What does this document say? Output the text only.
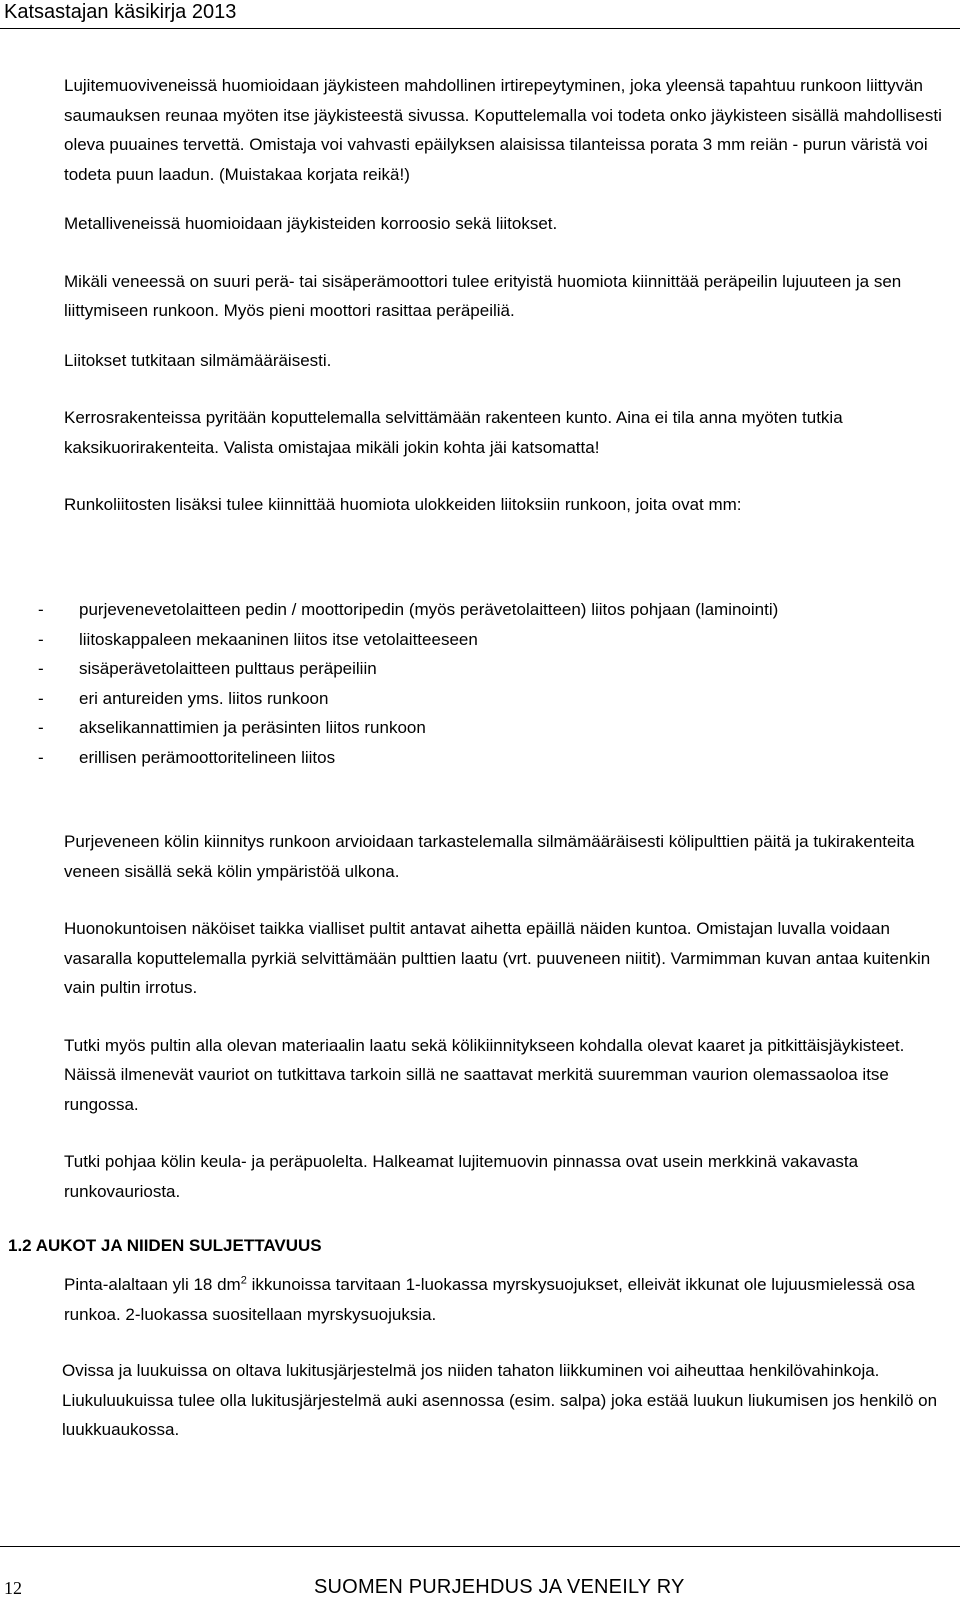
Katsastajan käsikirja 2013

Lujitemuoviveneissä huomioidaan jäykisteen mahdollinen irtirepeytyminen, joka yleensä tapahtuu runkoon liittyvän saumauksen reunaa myöten itse jäykisteestä sivussa. Koputtelemalla voi todeta onko jäykisteen sisällä mahdollisesti oleva puuaines tervettä. Omistaja voi vahvasti epäilyksen alaisissa tilanteissa porata 3 mm reiän - purun väristä voi todeta puun laadun. (Muistakaa korjata reikä!)

Metalliveneissä huomioidaan jäykisteiden korroosio sekä liitokset.

Mikäli veneessä on suuri perä- tai sisäperämoottori tulee erityistä huomiota kiinnittää peräpeilin lujuuteen ja sen liittymiseen runkoon. Myös pieni moottori rasittaa peräpeiliä.

Liitokset tutkitaan silmämääräisesti.

Kerrosrakenteissa pyritään koputtelemalla selvittämään rakenteen kunto. Aina ei tila anna myöten tutkia kaksikuorirakenteita. Valista omistajaa mikäli jokin kohta jäi katsomatta!

Runkoliitosten lisäksi tulee kiinnittää huomiota ulokkeiden liitoksiin runkoon, joita ovat mm:

-	purjevenevetolaitteen pedin / moottoripedin (myös perävetolaitteen) liitos pohjaan (laminointi)
-	liitoskappaleen mekaaninen liitos itse vetolaitteeseen
-	sisäperävetolaitteen pulttaus peräpeiliin
-	eri antureiden yms. liitos runkoon
-	akselikannattimien ja peräsinten liitos runkoon
-	erillisen perämoottoritelineen liitos

Purjeveneen kölin kiinnitys runkoon arvioidaan tarkastelemalla silmämääräisesti kölipulttien päitä ja tukirakenteita veneen sisällä sekä kölin ympäristöä ulkona.

Huonokuntoisen näköiset taikka vialliset pultit antavat aihetta epäillä näiden kuntoa. Omistajan luvalla voidaan vasaralla koputtelemalla pyrkiä selvittämään pulttien laatu (vrt. puuveneen niitit). Varmimman kuvan antaa kuitenkin vain pultin irrotus.

Tutki myös pultin alla olevan materiaalin laatu sekä kölikiinnitykseen kohdalla olevat kaaret ja pitkittäisjäykisteet. Näissä ilmenevät vauriot on tutkittava tarkoin sillä ne saattavat merkitä suuremman vaurion olemassaoloa itse rungossa.

Tutki pohjaa kölin keula- ja peräpuolelta. Halkeamat lujitemuovin pinnassa ovat usein merkkinä vakavasta runkovauriosta.

1.2 AUKOT JA NIIDEN SULJETTAVUUS

Pinta-alaltaan yli 18 $dm^2$ ikkunoissa tarvitaan 1-luokassa myrskysuojukset, elleivät ikkunat ole lujuusmielessä osa runkoa. 2-luokassa suositellaan myrskysuojuksia.

Ovissa ja luukuissa on oltava lukitusjärjestelmä jos niiden tahaton liikkuminen voi aiheuttaa henkilövahinkoja.

Liukuluukuissa tulee olla lukitusjärjestelmä auki asennossa (esim. salpa) joka estää luukun liukumisen jos henkilö on luukkuaukossa.

12	SUOMEN PURJEHDUS JA VENEILY RY
